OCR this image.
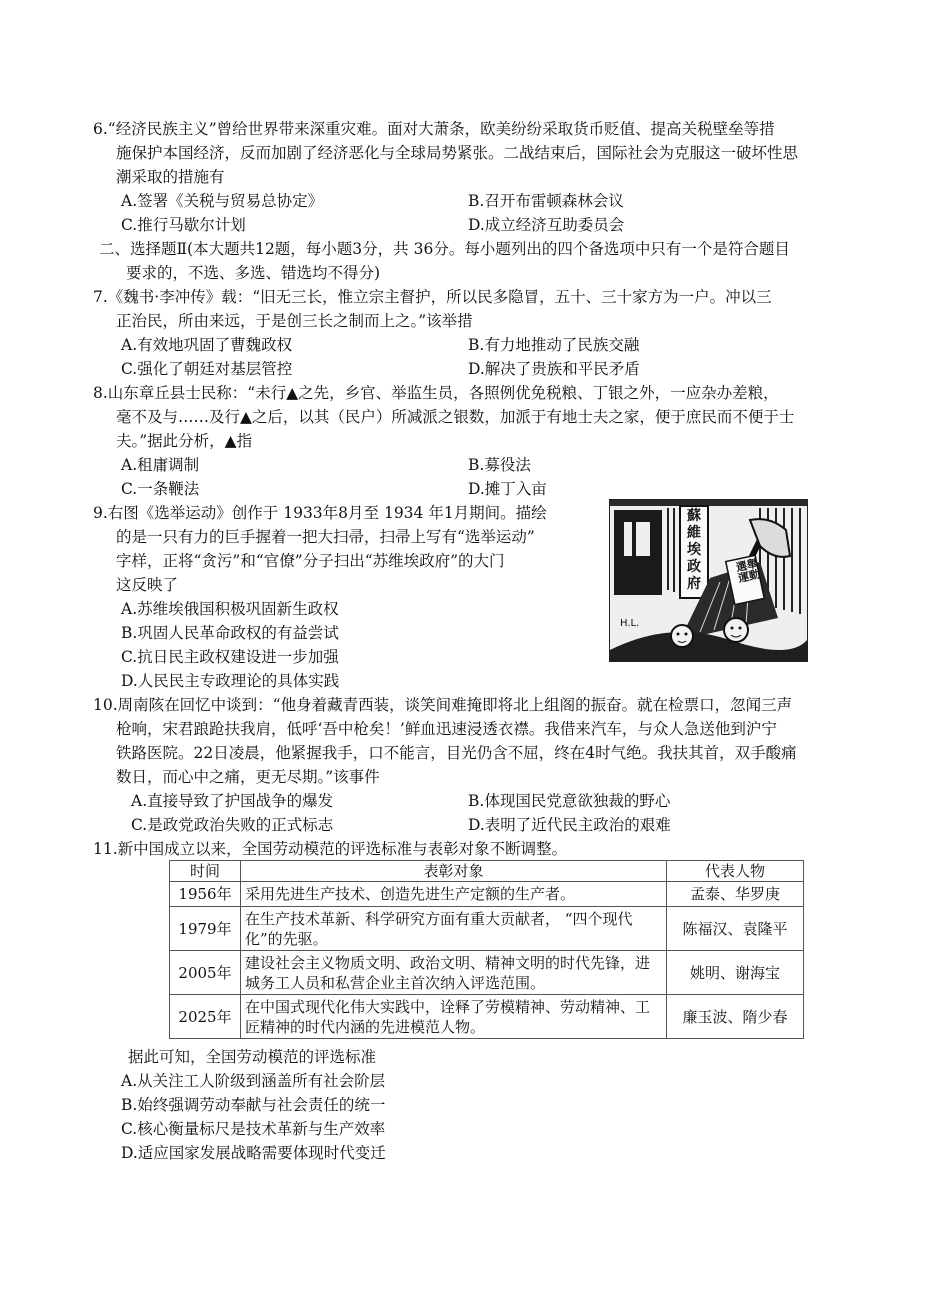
6.“经济民族主义”曾给世界带来深重灾难。面对大萧条，欧美纷纷采取货币贬值、提高关税壁垒等措
施保护本国经济，反而加剧了经济恶化与全球局势紧张。二战结束后，国际社会为克服这一破坏性思
潮采取的措施有
A.签署《关税与贸易总协定》	B.召开布雷顿森林会议
C.推行马歇尔计划	D.成立经济互助委员会
二、选择题Ⅱ(本大题共12题，每小题3分，共 36分。每小题列出的四个备选项中只有一个是符合题目
要求的，不选、多选、错选均不得分)
7.《魏书·李冲传》载：“旧无三长，惟立宗主督护，所以民多隐冒，五十、三十家方为一户。冲以三
正治民，所由来远，于是创三长之制而上之。”该举措
A.有效地巩固了曹魏政权	B.有力地推动了民族交融
C.强化了朝廷对基层管控	D.解决了贵族和平民矛盾
8.山东章丘县士民称：“未行▲之先，乡官、举监生员，各照例优免税粮、丁银之外，一应杂办差粮，
毫不及与……及行▲之后，以其（民户）所减派之银数，加派于有地士夫之家，便于庶民而不便于士
夫。”据此分析，▲指
A.租庸调制	B.募役法
C.一条鞭法	D.摊丁入亩
9.右图《选举运动》创作于 1933年8月至 1934 年1月期间。描绘
的是一只有力的巨手握着一把大扫帚，扫帚上写有“选举运动”
字样，正将“贪污”和“官僚”分子扫出“苏维埃政府”的大门
这反映了
A.苏维埃俄国积极巩固新生政权
B.巩固人民革命政权的有益尝试
C.抗日民主政权建设进一步加强
D.人民民主专政理论的具体实践
蘇維埃政府
選舉運動
H.L.
10.周南陔在回忆中谈到：“他身着藏青西装，谈笑间难掩即将北上组阁的振奋。就在检票口，忽闻三声
枪响，宋君踉跄扶我肩，低呼‘吾中枪矣！’鲜血迅速浸透衣襟。我借来汽车，与众人急送他到沪宁
铁路医院。22日凌晨，他紧握我手，口不能言，目光仍含不屈，终在4时气绝。我扶其首，双手酸痛
数日，而心中之痛，更无尽期。”该事件
A.直接导致了护国战争的爆发	B.体现国民党意欲独裁的野心
C.是政党政治失败的正式标志	D.表明了近代民主政治的艰难
11.新中国成立以来，全国劳动模范的评选标准与表彰对象不断调整。
时间	表彰对象	代表人物
1956年	采用先进生产技术、创造先进生产定额的生产者。	孟泰、华罗庚
1979年	在生产技术革新、科学研究方面有重大贡献者， “四个现代化”的先驱。	陈福汉、袁隆平
2005年	建设社会主义物质文明、政治文明、精神文明的时代先锋，进城务工人员和私营企业主首次纳入评选范围。	姚明、谢海宝
2025年	在中国式现代化伟大实践中，诠释了劳模精神、劳动精神、工匠精神的时代内涵的先进模范人物。	廉玉波、隋少春
据此可知，全国劳动模范的评选标准
A.从关注工人阶级到涵盖所有社会阶层
B.始终强调劳动奉献与社会责任的统一
C.核心衡量标尺是技术革新与生产效率
D.适应国家发展战略需要体现时代变迁
